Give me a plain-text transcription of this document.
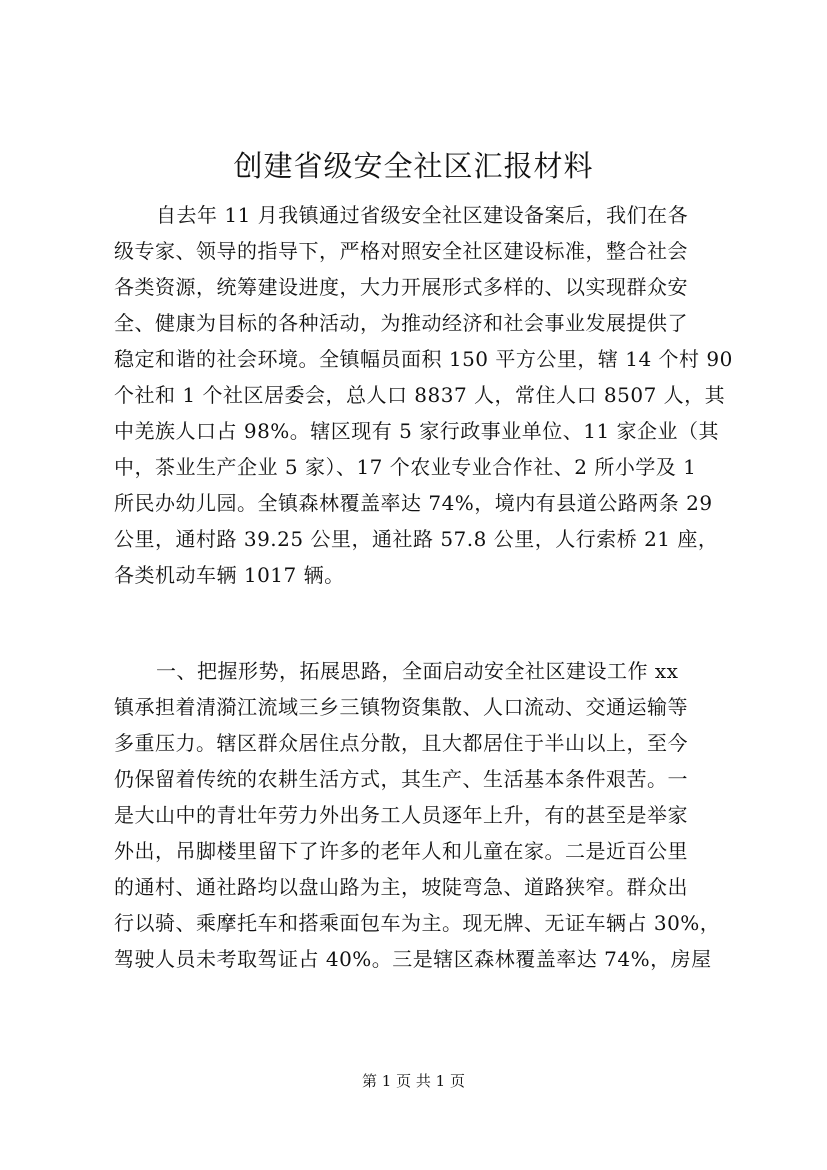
创建省级安全社区汇报材料
自去年 11 月我镇通过省级安全社区建设备案后，我们在各
级专家、领导的指导下，严格对照安全社区建设标准，整合社会
各类资源，统筹建设进度，大力开展形式多样的、以实现群众安
全、健康为目标的各种活动，为推动经济和社会事业发展提供了
稳定和谐的社会环境。全镇幅员面积 150 平方公里，辖 14 个村 90
个社和 1 个社区居委会，总人口 8837 人，常住人口 8507 人，其
中羌族人口占 98%。辖区现有 5 家行政事业单位、11 家企业（其
中，茶业生产企业 5 家）、17 个农业专业合作社、2 所小学及 1
所民办幼儿园。全镇森林覆盖率达 74%，境内有县道公路两条 29
公里，通村路 39.25 公里，通社路 57.8 公里，人行索桥 21 座，
各类机动车辆 1017 辆。
一、把握形势，拓展思路，全面启动安全社区建设工作 xx
镇承担着清漪江流域三乡三镇物资集散、人口流动、交通运输等
多重压力。辖区群众居住点分散，且大都居住于半山以上，至今
仍保留着传统的农耕生活方式，其生产、生活基本条件艰苦。一
是大山中的青壮年劳力外出务工人员逐年上升，有的甚至是举家
外出，吊脚楼里留下了许多的老年人和儿童在家。二是近百公里
的通村、通社路均以盘山路为主，坡陡弯急、道路狭窄。群众出
行以骑、乘摩托车和搭乘面包车为主。现无牌、无证车辆占 30%，
驾驶人员未考取驾证占 40%。三是辖区森林覆盖率达 74%，房屋
第 1 页 共 1 页
